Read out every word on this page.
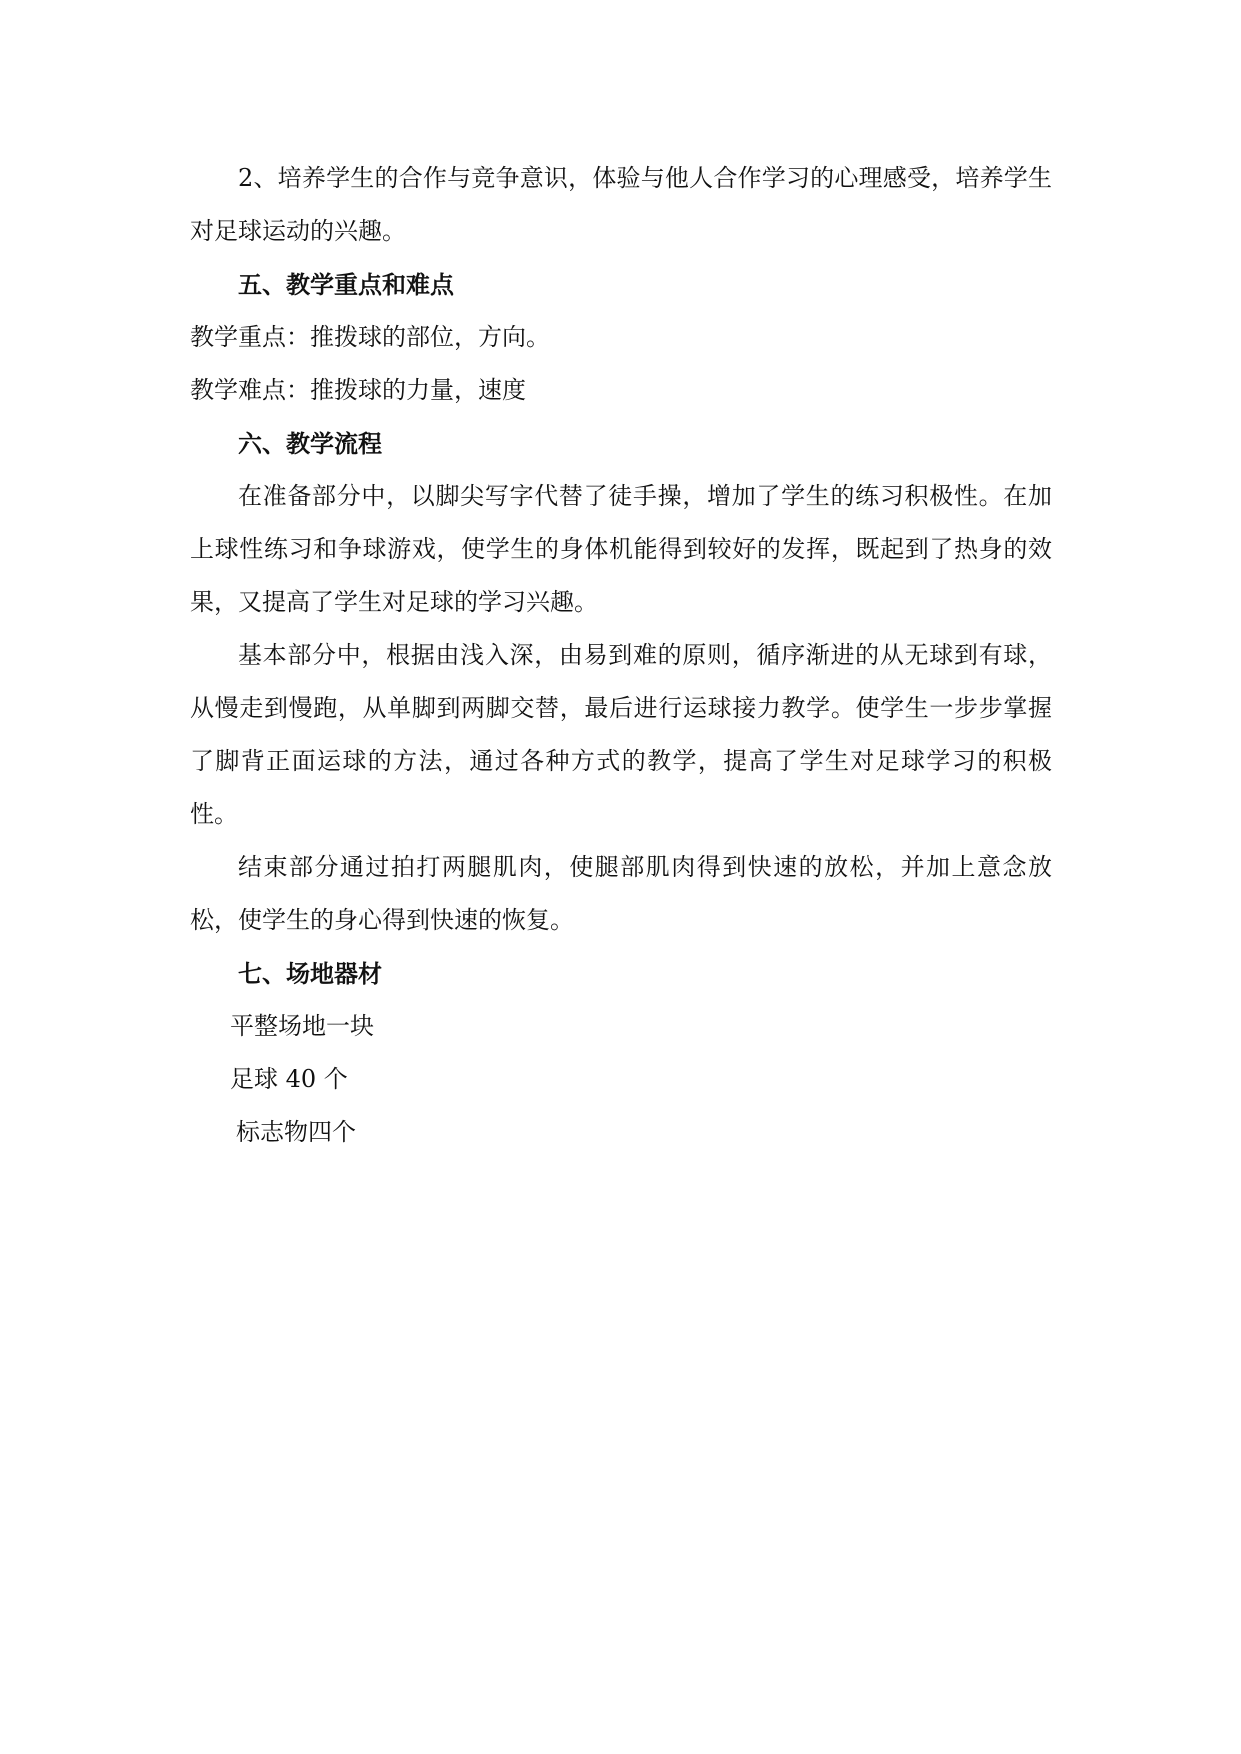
2、培养学生的合作与竞争意识，体验与他人合作学习的心理感受，培养学生对足球运动的兴趣。

五、教学重点和难点

教学重点：推拨球的部位，方向。

教学难点：推拨球的力量，速度

六、教学流程

在准备部分中，以脚尖写字代替了徒手操，增加了学生的练习积极性。在加上球性练习和争球游戏，使学生的身体机能得到较好的发挥，既起到了热身的效果，又提高了学生对足球的学习兴趣。

基本部分中，根据由浅入深，由易到难的原则，循序渐进的从无球到有球，从慢走到慢跑，从单脚到两脚交替，最后进行运球接力教学。使学生一步步掌握了脚背正面运球的方法，通过各种方式的教学，提高了学生对足球学习的积极性。

结束部分通过拍打两腿肌肉，使腿部肌肉得到快速的放松，并加上意念放松，使学生的身心得到快速的恢复。

七、场地器材

平整场地一块

足球 40 个

标志物四个
